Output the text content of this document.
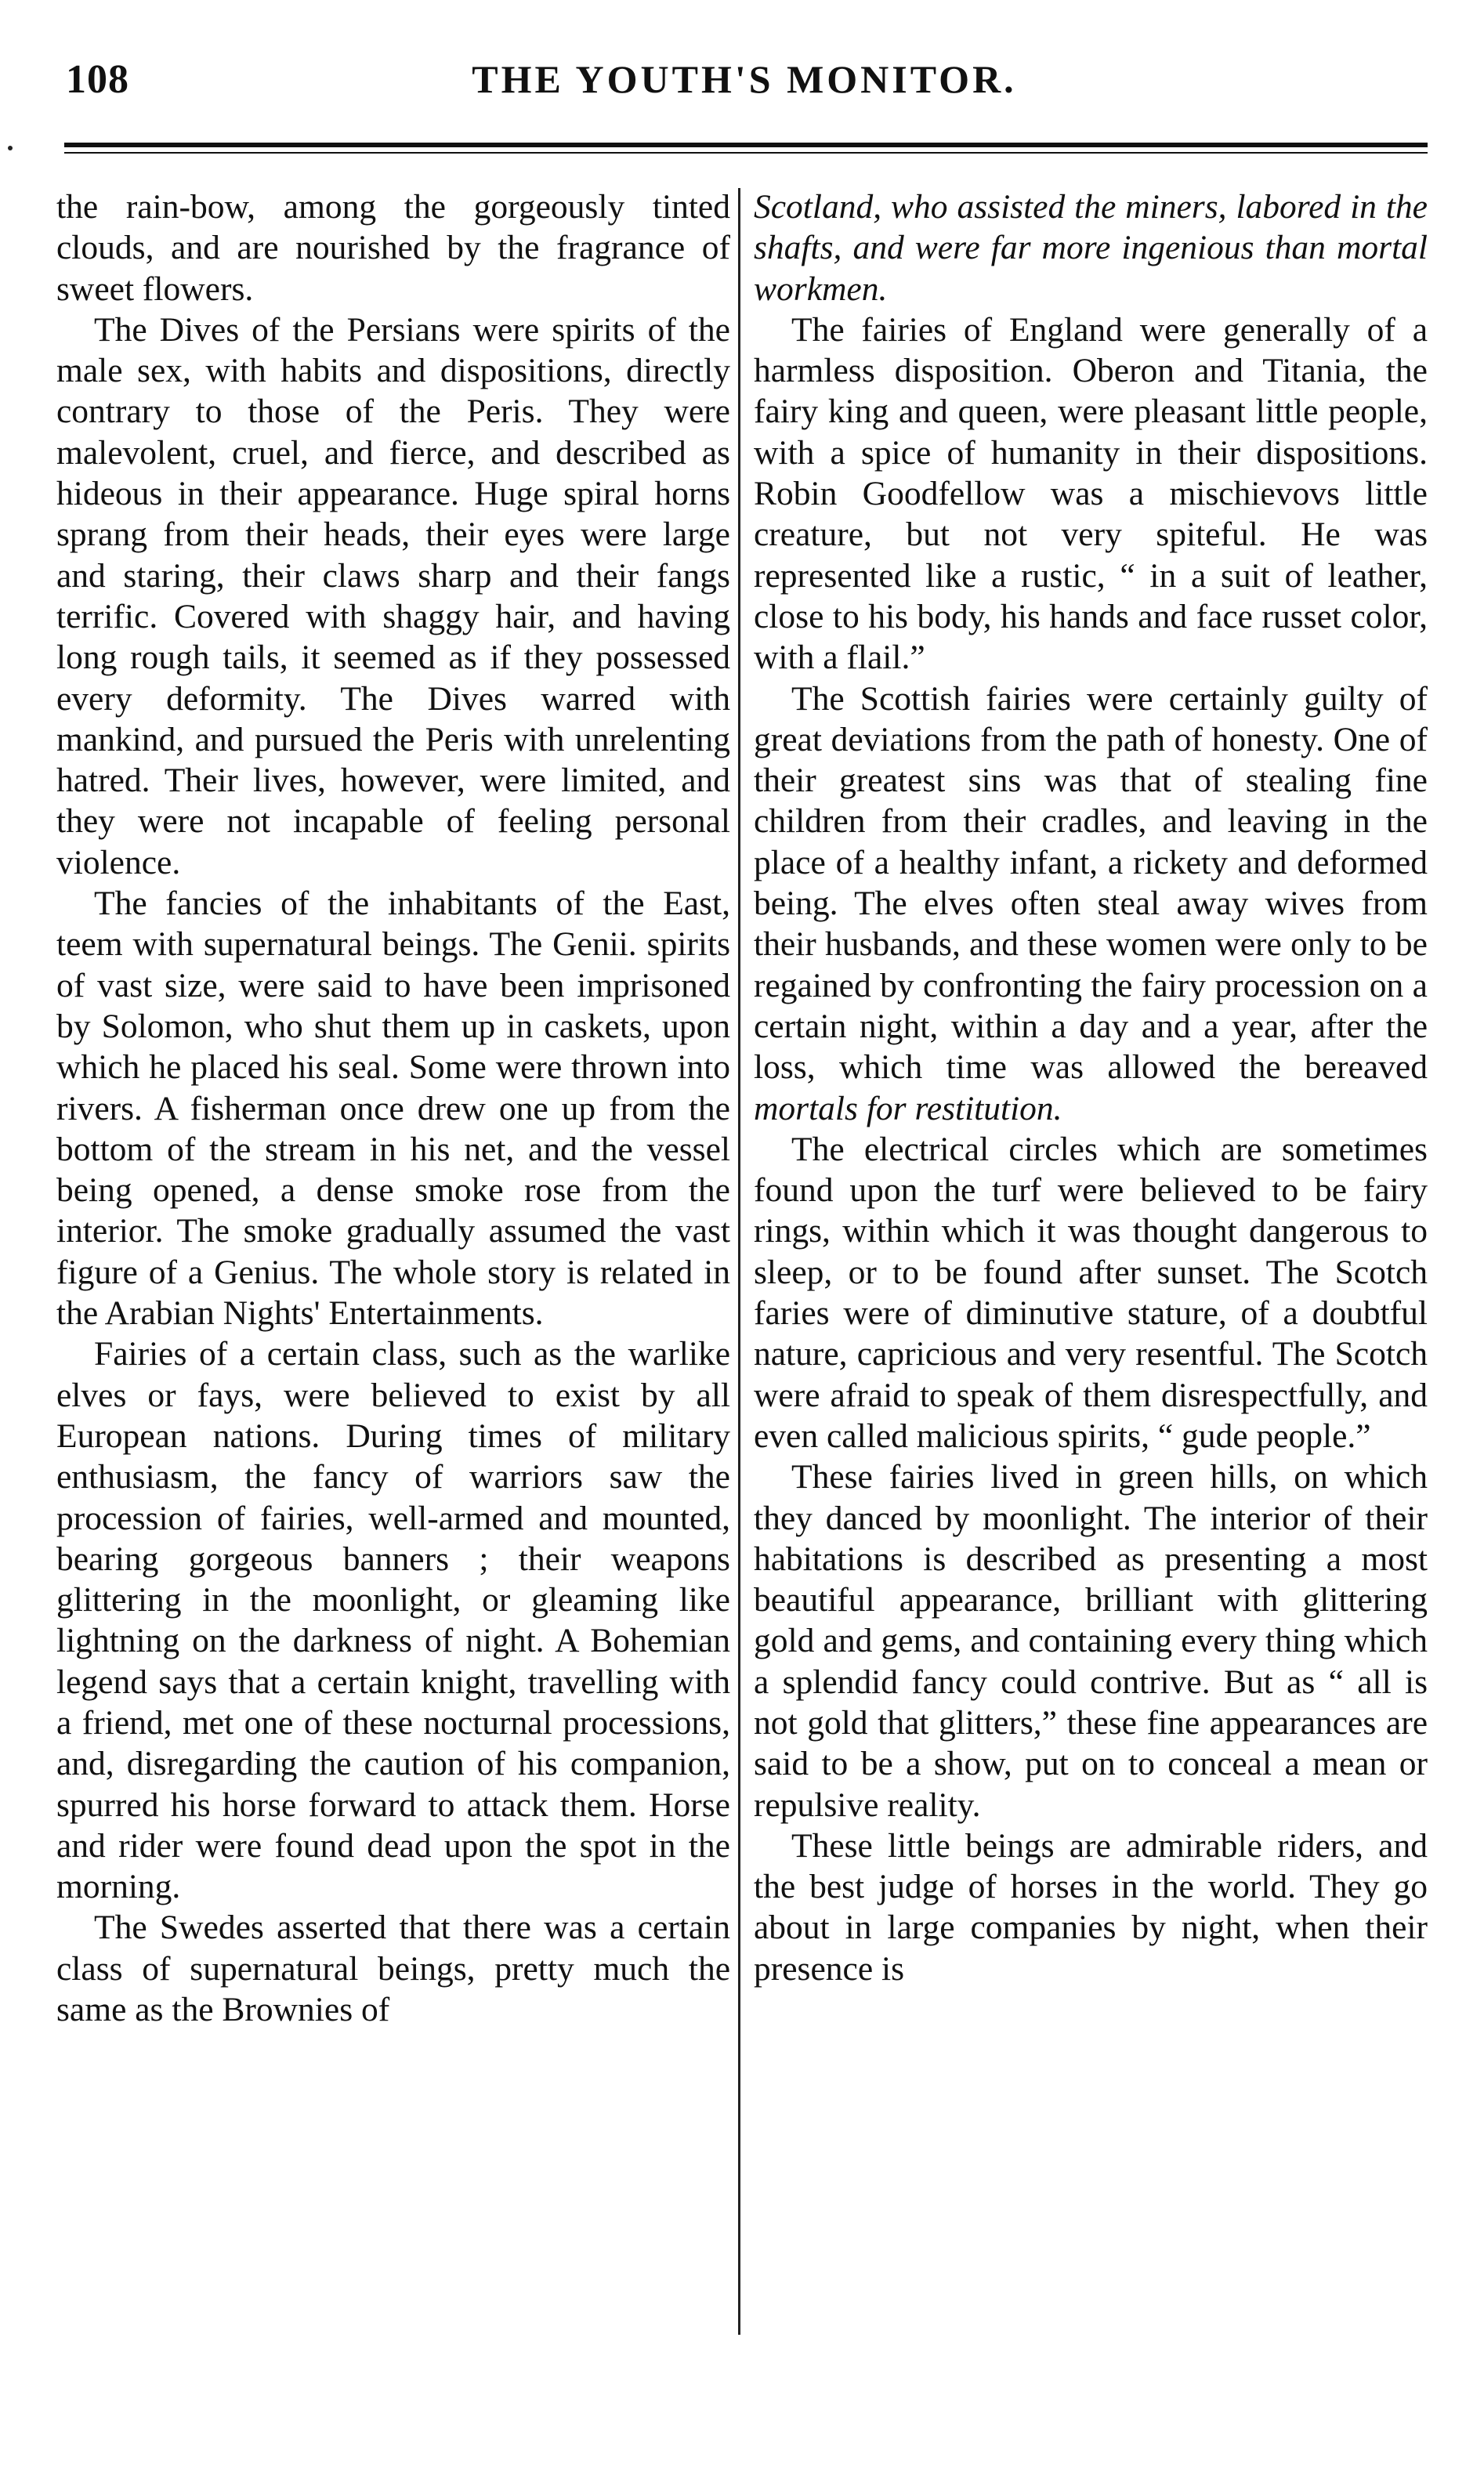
108	THE YOUTH'S MONITOR.

the rain-bow, among the gorgeously tinted clouds, and are nourished by the fragrance of sweet flowers.

The Dives of the Persians were spirits of the male sex, with habits and dispositions, directly contrary to those of the Peris. They were malevolent, cruel, and fierce, and described as hideous in their appearance. Huge spiral horns sprang from their heads, their eyes were large and staring, their claws sharp and their fangs terrific. Covered with shaggy hair, and having long rough tails, it seemed as if they possessed every deformity. The Dives warred with mankind, and pursued the Peris with unrelenting hatred. Their lives, however, were limited, and they were not incapable of feeling personal violence.

The fancies of the inhabitants of the East, teem with supernatural beings. The Genii. spirits of vast size, were said to have been imprisoned by Solomon, who shut them up in caskets, upon which he placed his seal. Some were thrown into rivers. A fisherman once drew one up from the bottom of the stream in his net, and the vessel being opened, a dense smoke rose from the interior. The smoke gradually assumed the vast figure of a Genius. The whole story is related in the Arabian Nights' Entertainments.

Fairies of a certain class, such as the warlike elves or fays, were believed to exist by all European nations. During times of military enthusiasm, the fancy of warriors saw the procession of fairies, well-armed and mounted, bearing gorgeous banners ; their weapons glittering in the moonlight, or gleaming like lightning on the darkness of night. A Bohemian legend says that a certain knight, travelling with a friend, met one of these nocturnal processions, and, disregarding the caution of his companion, spurred his horse forward to attack them. Horse and rider were found dead upon the spot in the morning.

The Swedes asserted that there was a certain class of supernatural beings, pretty much the same as the Brownies of

Scotland, who assisted the miners, labored in the shafts, and were far more ingenious than mortal workmen.

The fairies of England were generally of a harmless disposition. Oberon and Titania, the fairy king and queen, were pleasant little people, with a spice of humanity in their dispositions. Robin Goodfellow was a mischievovs little creature, but not very spiteful. He was represented like a rustic, “ in a suit of leather, close to his body, his hands and face russet color, with a flail.”

The Scottish fairies were certainly guilty of great deviations from the path of honesty. One of their greatest sins was that of stealing fine children from their cradles, and leaving in the place of a healthy infant, a rickety and deformed being. The elves often steal away wives from their husbands, and these women were only to be regained by confronting the fairy procession on a certain night, within a day and a year, after the loss, which time was allowed the bereaved mortals for restitution.

The electrical circles which are sometimes found upon the turf were believed to be fairy rings, within which it was thought dangerous to sleep, or to be found after sunset. The Scotch faries were of diminutive stature, of a doubtful nature, capricious and very resentful. The Scotch were afraid to speak of them disrespectfully, and even called malicious spirits, “ gude people.”

These fairies lived in green hills, on which they danced by moonlight. The interior of their habitations is described as presenting a most beautiful appearance, brilliant with glittering gold and gems, and containing every thing which a splendid fancy could contrive. But as “ all is not gold that glitters,” these fine appearances are said to be a show, put on to conceal a mean or repulsive reality.

These little beings are admirable riders, and the best judge of horses in the world. They go about in large companies by night, when their presence is
